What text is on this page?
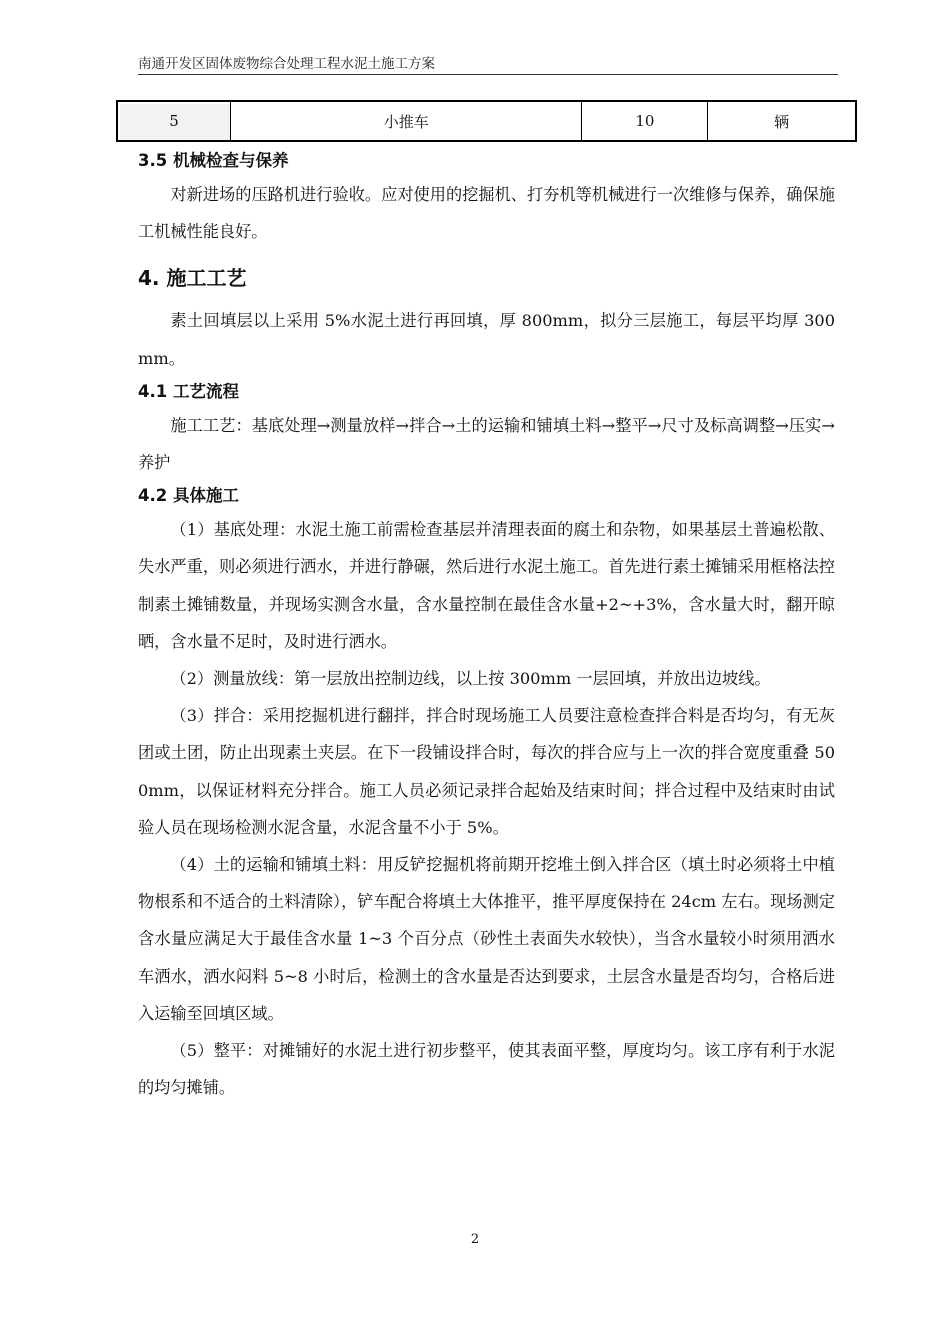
南通开发区固体废物综合处理工程水泥土施工方案
5	小推车	10	辆

3.5 机械检查与保养

对新进场的压路机进行验收。应对使用的挖掘机、打夯机等机械进行一次维修与保养，确保施工机械性能良好。

4. 施工工艺

素土回填层以上采用 5%水泥土进行再回填，厚 800mm，拟分三层施工，每层平均厚 300mm。

4.1 工艺流程

施工工艺：基底处理→测量放样→拌合→土的运输和铺填土料→整平→尺寸及标高调整→压实→养护

4.2 具体施工

（1）基底处理：水泥土施工前需检查基层并清理表面的腐土和杂物，如果基层土普遍松散、失水严重，则必须进行洒水，并进行静碾，然后进行水泥土施工。首先进行素土摊铺采用框格法控制素土摊铺数量，并现场实测含水量，含水量控制在最佳含水量+2~+3%，含水量大时，翻开晾晒，含水量不足时，及时进行洒水。

（2）测量放线：第一层放出控制边线，以上按 300mm 一层回填，并放出边坡线。

（3）拌合：采用挖掘机进行翻拌，拌合时现场施工人员要注意检查拌合料是否均匀，有无灰团或土团，防止出现素土夹层。在下一段铺设拌合时，每次的拌合应与上一次的拌合宽度重叠 500mm，以保证材料充分拌合。施工人员必须记录拌合起始及结束时间；拌合过程中及结束时由试验人员在现场检测水泥含量，水泥含量不小于 5%。

（4）土的运输和铺填土料：用反铲挖掘机将前期开挖堆土倒入拌合区（填土时必须将土中植物根系和不适合的土料清除），铲车配合将填土大体推平，推平厚度保持在 24cm 左右。现场测定含水量应满足大于最佳含水量 1~3 个百分点（砂性土表面失水较快），当含水量较小时须用洒水车洒水，洒水闷料 5~8 小时后，检测土的含水量是否达到要求，土层含水量是否均匀，合格后进入运输至回填区域。

（5）整平：对摊铺好的水泥土进行初步整平，使其表面平整，厚度均匀。该工序有利于水泥的均匀摊铺。

2
